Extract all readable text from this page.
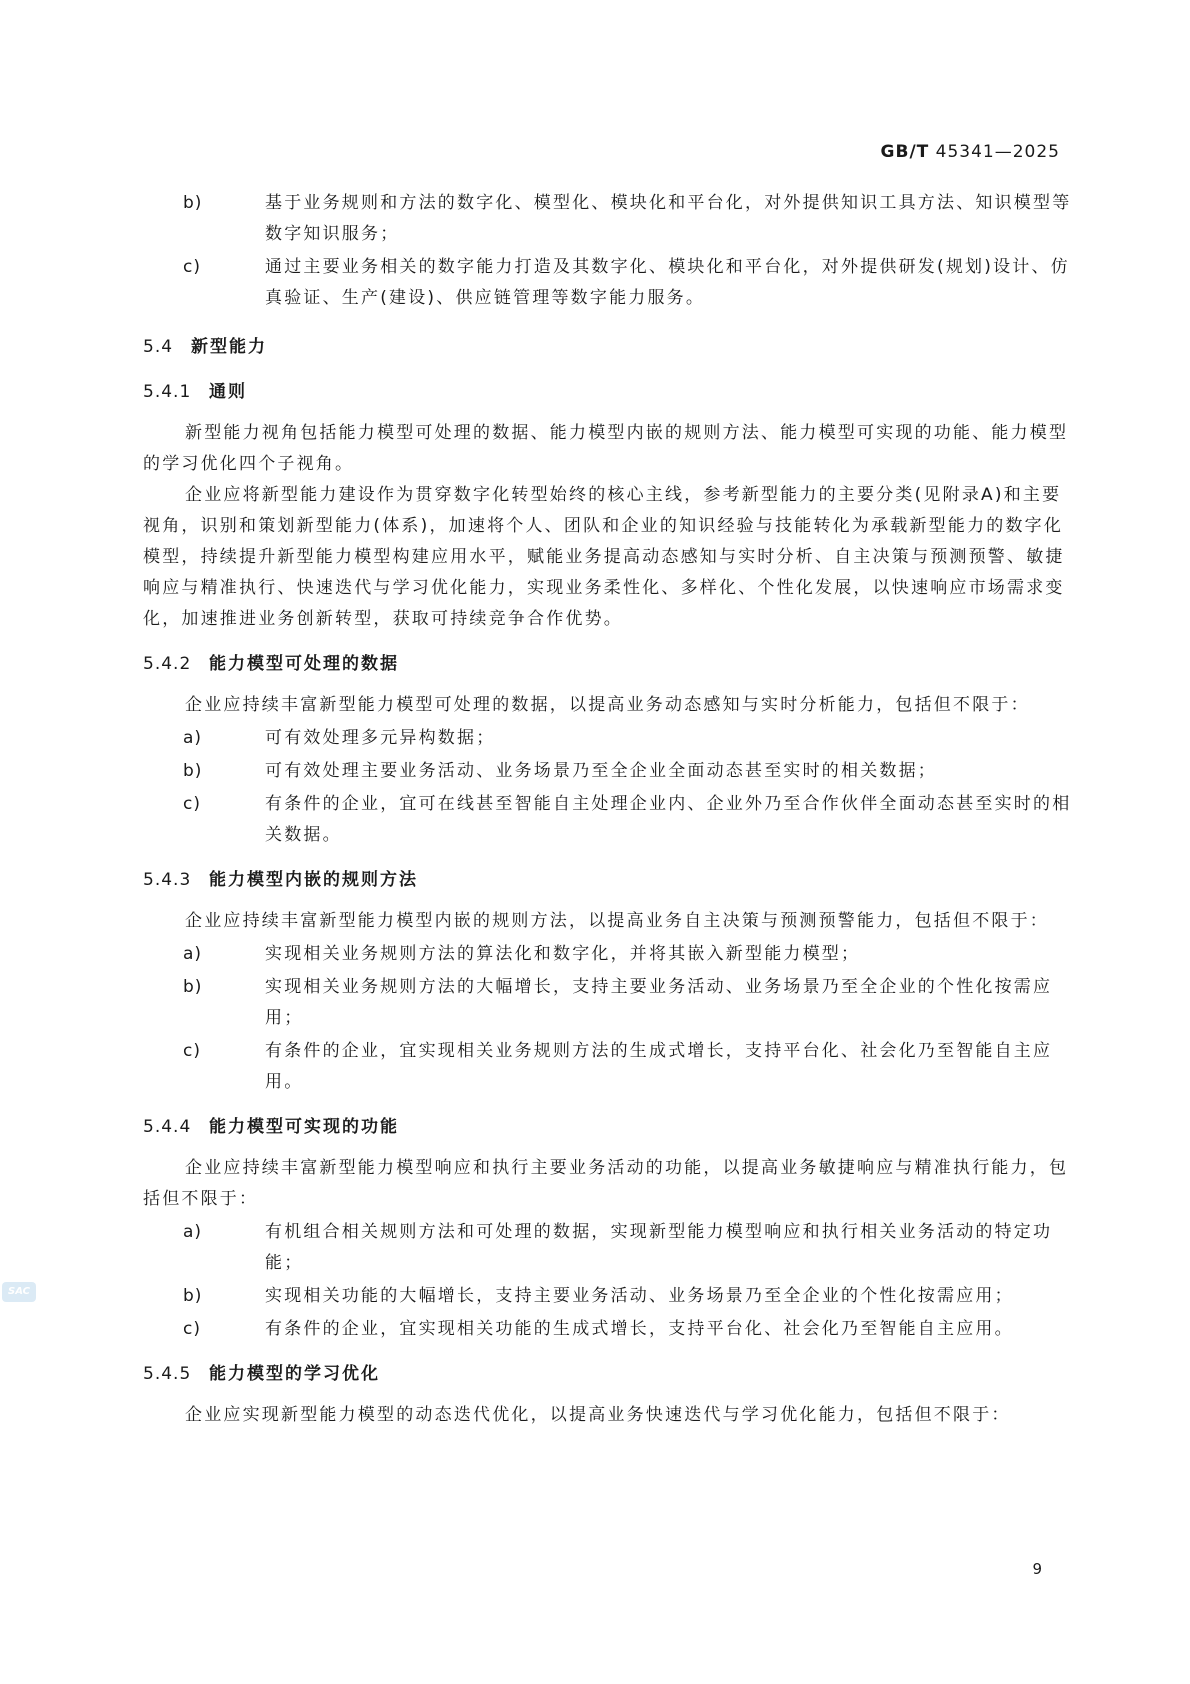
GB/T 45341—2025
b)	基于业务规则和方法的数字化、模型化、模块化和平台化，对外提供知识工具方法、知识模型等数字知识服务；
c)	通过主要业务相关的数字能力打造及其数字化、模块化和平台化，对外提供研发(规划)设计、仿真验证、生产(建设)、供应链管理等数字能力服务。
5.4 新型能力
5.4.1 通则

新型能力视角包括能力模型可处理的数据、能力模型内嵌的规则方法、能力模型可实现的功能、能力模型的学习优化四个子视角。

企业应将新型能力建设作为贯穿数字化转型始终的核心主线，参考新型能力的主要分类(见附录A)和主要视角，识别和策划新型能力(体系)，加速将个人、团队和企业的知识经验与技能转化为承载新型能力的数字化模型，持续提升新型能力模型构建应用水平，赋能业务提高动态感知与实时分析、自主决策与预测预警、敏捷响应与精准执行、快速迭代与学习优化能力，实现业务柔性化、多样化、个性化发展，以快速响应市场需求变化，加速推进业务创新转型，获取可持续竞争合作优势。

5.4.2 能力模型可处理的数据

企业应持续丰富新型能力模型可处理的数据，以提高业务动态感知与实时分析能力，包括但不限于：

a)	可有效处理多元异构数据；
b)	可有效处理主要业务活动、业务场景乃至全企业全面动态甚至实时的相关数据；
c)	有条件的企业，宜可在线甚至智能自主处理企业内、企业外乃至合作伙伴全面动态甚至实时的相关数据。
5.4.3 能力模型内嵌的规则方法

企业应持续丰富新型能力模型内嵌的规则方法，以提高业务自主决策与预测预警能力，包括但不限于：

a)	实现相关业务规则方法的算法化和数字化，并将其嵌入新型能力模型；
b)	实现相关业务规则方法的大幅增长，支持主要业务活动、业务场景乃至全企业的个性化按需应用；
c)	有条件的企业，宜实现相关业务规则方法的生成式增长，支持平台化、社会化乃至智能自主应用。
5.4.4 能力模型可实现的功能

企业应持续丰富新型能力模型响应和执行主要业务活动的功能，以提高业务敏捷响应与精准执行能力，包括但不限于：

a)	有机组合相关规则方法和可处理的数据，实现新型能力模型响应和执行相关业务活动的特定功能；
b)	实现相关功能的大幅增长，支持主要业务活动、业务场景乃至全企业的个性化按需应用；
c)	有条件的企业，宜实现相关功能的生成式增长，支持平台化、社会化乃至智能自主应用。
5.4.5 能力模型的学习优化

企业应实现新型能力模型的动态迭代优化，以提高业务快速迭代与学习优化能力，包括但不限于：

9
SAC
